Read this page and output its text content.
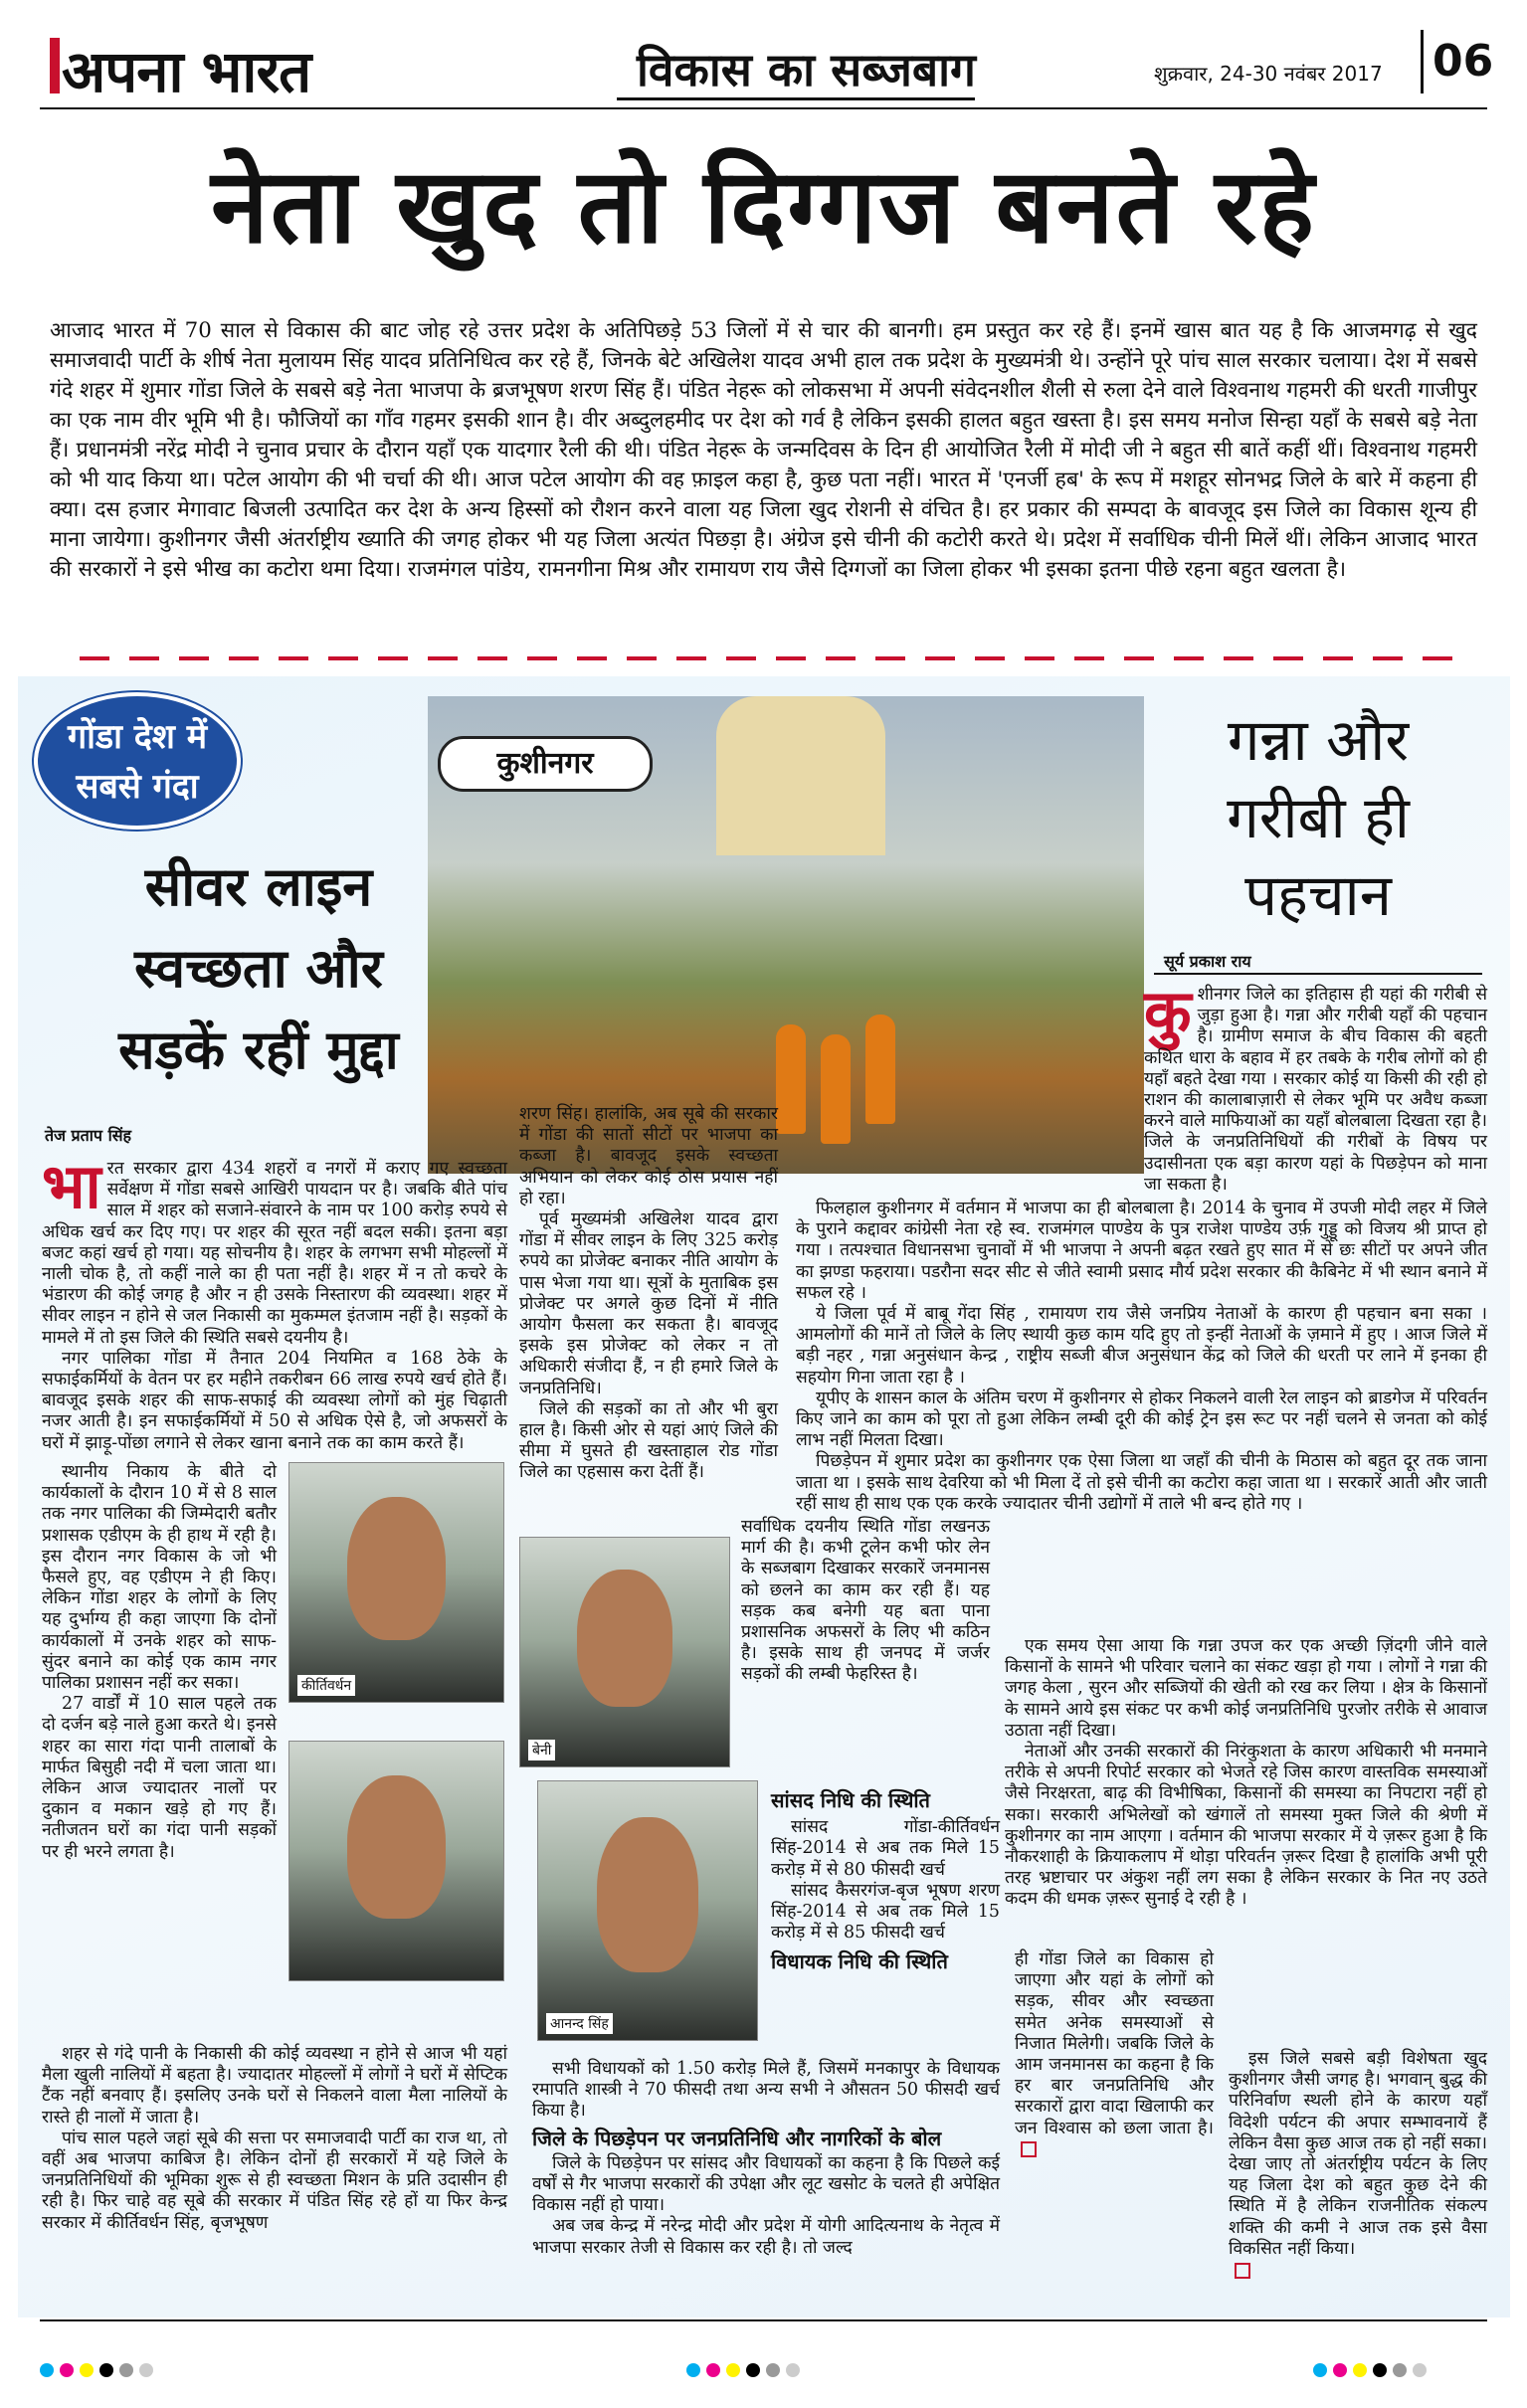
अपना भारत	विकास का सब्जबाग	शुक्रवार, 24-30 नवंबर 2017 06
नेता खुद तो दिग्गज बनते रहे
आजाद भारत में 70 साल से विकास की बाट जोह रहे उत्तर प्रदेश के अतिपिछड़े 53 जिलों में से चार की बानगी। हम प्रस्तुत कर रहे हैं। इनमें खास बात यह है कि आजमगढ़ से खुद समाजवादी पार्टी के शीर्ष नेता मुलायम सिंह यादव प्रतिनिधित्व कर रहे हैं, जिनके बेटे अखिलेश यादव अभी हाल तक प्रदेश के मुख्यमंत्री थे। उन्होंने पूरे पांच साल सरकार चलाया। देश में सबसे गंदे शहर में शुमार गोंडा जिले के सबसे बड़े नेता भाजपा के ब्रजभूषण शरण सिंह हैं। पंडित नेहरू को लोकसभा में अपनी संवेदनशील शैली से रुला देने वाले विश्वनाथ गहमरी की धरती गाजीपुर का एक नाम वीर भूमि भी है। फौजियों का गाँव गहमर इसकी शान है। वीर अब्दुलहमीद पर देश को गर्व है लेकिन इसकी हालत बहुत खस्ता है। इस समय मनोज सिन्हा यहाँ के सबसे बड़े नेता हैं। प्रधानमंत्री नरेंद्र मोदी ने चुनाव प्रचार के दौरान यहाँ एक यादगार रैली की थी। पंडित नेहरू के जन्मदिवस के दिन ही आयोजित रैली में मोदी जी ने बहुत सी बातें कहीं थीं। विश्वनाथ गहमरी को भी याद किया था। पटेल आयोग की भी चर्चा की थी। आज पटेल आयोग की वह फ़ाइल कहा है, कुछ पता नहीं। भारत में 'एनर्जी हब' के रूप में मशहूर सोनभद्र जिले के बारे में कहना ही क्या। दस हजार मेगावाट बिजली उत्पादित कर देश के अन्य हिस्सों को रौशन करने वाला यह जिला खुद रोशनी से वंचित है। हर प्रकार की सम्पदा के बावजूद इस जिले का विकास शून्य ही माना जायेगा। कुशीनगर जैसी अंतर्राष्ट्रीय ख्याति की जगह होकर भी यह जिला अत्यंत पिछड़ा है। अंग्रेज इसे चीनी की कटोरी करते थे। प्रदेश में सर्वाधिक चीनी मिलें थीं। लेकिन आजाद भारत की सरकारों ने इसे भीख का कटोरा थमा दिया। राजमंगल पांडेय, रामनगीना मिश्र और रामायण राय जैसे दिग्गजों का जिला होकर भी इसका इतना पीछे रहना बहुत खलता है।
गोंडा देश में
सबसे गंदा
सीवर लाइन
स्वच्छता और
सड़कें रहीं मुद्दा
तेज प्रताप सिंह
कुशीनगर	गन्ना और
गरीबी ही
पहचान
सूर्य प्रकाश राय
कु शीनगर जिले का इतिहास ही यहां की गरीबी से जुड़ा हुआ है। गन्ना और गरीबी यहाँ की पहचान है। ग्रामीण समाज के बीच विकास की बहती कथित धारा के बहाव में हर तबके के गरीब लोगों को ही यहाँ बहते देखा गया । सरकार कोई या किसी की रही हो राशन की कालाबाज़ारी से लेकर भूमि पर अवैध कब्जा करने वाले माफियाओं का यहाँ बोलबाला दिखता रहा है। जिले के जनप्रतिनिधियों की गरीबों के विषय पर उदासीनता एक बड़ा कारण यहां के पिछड़ेपन को माना जा सकता है।
भा रत सरकार द्वारा 434 शहरों व नगरों में कराए गए स्वच्छता सर्वेक्षण में गोंडा सबसे आखिरी पायदान पर है। जबकि बीते पांच साल में शहर को सजाने-संवारने के नाम पर 100 करोड़ रुपये से अधिक खर्च कर दिए गए। पर शहर की सूरत नहीं बदल सकी। इतना बड़ा बजट कहां खर्च हो गया। यह सोचनीय है। शहर के लगभग सभी मोहल्लों में नाली चोक है, तो कहीं नाले का ही पता नहीं है। शहर में न तो कचरे के भंडारण की कोई जगह है और न ही उसके निस्तारण की व्यवस्था। शहर में सीवर लाइन न होने से जल निकासी का मुकम्मल इंतजाम नहीं है। सड़कों के मामले में तो इस जिले की स्थिति सबसे दयनीय है।
नगर पालिका गोंडा में तैनात 204 नियमित व 168 ठेके के सफाईकर्मियों के वेतन पर हर महीने तकरीबन 66 लाख रुपये खर्च होते हैं। बावजूद इसके शहर की साफ-सफाई की व्यवस्था लोगों को मुंह चिढ़ाती नजर आती है। इन सफाईकर्मियों में 50 से अधिक ऐसे है, जो अफसरों के घरों में झाड़ू-पोंछा लगाने से लेकर खाना बनाने तक का काम करते हैं।
कीर्तिवर्धन
स्थानीय निकाय के बीते दो कार्यकालों के दौरान 10 में से 8 साल तक नगर पालिका की जिम्मेदारी बतौर प्रशासक एडीएम के ही हाथ में रही है। इस दौरान नगर विकास के जो भी फैसले हुए, वह एडीएम ने ही किए। लेकिन गोंडा शहर के लोगों के लिए यह दुर्भाग्य ही कहा जाएगा कि दोनों कार्यकालों में उनके शहर को साफ-सुंदर बनाने का कोई एक काम नगर पालिका प्रशासन नहीं कर सका।
27 वार्डों में 10 साल पहले तक दो दर्जन बड़े नाले हुआ करते थे। इनसे शहर का सारा गंदा पानी तालाबों के मार्फत बिसुही नदी में चला जाता था। लेकिन आज ज्यादातर नालों पर दुकान व मकान खड़े हो गए हैं। नतीजतन घरों का गंदा पानी सड़कों पर ही भरने लगता है।
शहर से गंदे पानी के निकासी की कोई व्यवस्था न होने से आज भी यहां मैला खुली नालियों में बहता है। ज्यादातर मोहल्लों में लोगों ने घरों में सेप्टिक टैंक नहीं बनवाए हैं। इसलिए उनके घरों से निकलने वाला मैला नालियों के रास्ते ही नालों में जाता है।
पांच साल पहले जहां सूबे की सत्ता पर समाजवादी पार्टी का राज था, तो वहीं अब भाजपा काबिज है। लेकिन दोनों ही सरकारों में यहे जिले के जनप्रतिनिधियों की भूमिका शुरू से ही स्वच्छता मिशन के प्रति उदासीन ही रही है। फिर चाहे वह सूबे की सरकार में पंडित सिंह रहे हों या फिर केन्द्र सरकार में कीर्तिवर्धन सिंह, बृजभूषण
शरण सिंह। हालांकि, अब सूबे की सरकार में गोंडा की सातों सीटों पर भाजपा का कब्जा है। बावजूद इसके स्वच्छता अभियान को लेकर कोई ठोस प्रयास नहीं हो रहा।
पूर्व मुख्यमंत्री अखिलेश यादव द्वारा गोंडा में सीवर लाइन के लिए 325 करोड़ रुपये का प्रोजेक्ट बनाकर नीति आयोग के पास भेजा गया था। सूत्रों के मुताबिक इस प्रोजेक्ट पर अगले कुछ दिनों में नीति आयोग फैसला कर सकता है। बावजूद इसके इस प्रोजेक्ट को लेकर न तो अधिकारी संजीदा हैं, न ही हमारे जिले के जनप्रतिनिधि।
जिले की सड़कों का तो और भी बुरा हाल है। किसी ओर से यहां आएं जिले की सीमा में घुसते ही खस्ताहाल रोड गोंडा जिले का एहसास करा देतीं हैं।
बेनी
सर्वाधिक दयनीय स्थिति गोंडा लखनऊ मार्ग की है। कभी टूलेन कभी फोर लेन के सब्जबाग दिखाकर सरकारें जनमानस को छलने का काम कर रही हैं। यह सड़क कब बनेगी यह बता पाना प्रशासनिक अफसरों के लिए भी कठिन है। इसके साथ ही जनपद में जर्जर सड़कों की लम्बी फेहरिस्त है।
आनन्द सिंह
सांसद निधि की स्थिति
सांसद गोंडा-कीर्तिवर्धन सिंह-2014 से अब तक मिले 15 करोड़ में से 80 फीसदी खर्च
सांसद कैसरगंज-बृज भूषण शरण सिंह-2014 से अब तक मिले 15 करोड़ में से 85 फीसदी खर्च
विधायक निधि की स्थिति
सभी विधायकों को 1.50 करोड़ मिले हैं, जिसमें मनकापुर के विधायक रमापति शास्त्री ने 70 फीसदी तथा अन्य सभी ने औसतन 50 फीसदी खर्च किया है।
जिले के पिछड़ेपन पर जनप्रतिनिधि और नागरिकों के बोल
जिले के पिछड़ेपन पर सांसद और विधायकों का कहना है कि पिछले कई वर्षों से गैर भाजपा सरकारों की उपेक्षा और लूट खसोट के चलते ही अपेक्षित विकास नहीं हो पाया।
अब जब केन्द्र में नरेन्द्र मोदी और प्रदेश में योगी आदित्यनाथ के नेतृत्व में भाजपा सरकार तेजी से विकास कर रही है। तो जल्द
फिलहाल कुशीनगर में वर्तमान में भाजपा का ही बोलबाला है। 2014 के चुनाव में उपजी मोदी लहर में जिले के पुराने कद्दावर कांग्रेसी नेता रहे स्व. राजमंगल पाण्डेय के पुत्र राजेश पाण्डेय उर्फ़ गुड्डू को विजय श्री प्राप्त हो गया । तत्पश्चात विधानसभा चुनावों में भी भाजपा ने अपनी बढ़त रखते हुए सात में से छः सीटों पर अपने जीत का झण्डा फहराया। पडरौना सदर सीट से जीते स्वामी प्रसाद मौर्य प्रदेश सरकार की कैबिनेट में भी स्थान बनाने में सफल रहे ।
ये जिला पूर्व में बाबू गेंदा सिंह , रामायण राय जैसे जनप्रिय नेताओं के कारण ही पहचान बना सका । आमलोगों की मानें तो जिले के लिए स्थायी कुछ काम यदि हुए तो इन्हीं नेताओं के ज़माने में हुए । आज जिले में बड़ी नहर , गन्ना अनुसंधान केन्द्र , राष्ट्रीय सब्जी बीज अनुसंधान केंद्र को जिले की धरती पर लाने में इनका ही सहयोग गिना जाता रहा है ।
यूपीए के शासन काल के अंतिम चरण में कुशीनगर से होकर निकलने वाली रेल लाइन को ब्राडगेज में परिवर्तन किए जाने का काम को पूरा तो हुआ लेकिन लम्बी दूरी की कोई ट्रेन इस रूट पर नहीं चलने से जनता को कोई लाभ नहीं मिलता दिखा।
पिछड़ेपन में शुमार प्रदेश का कुशीनगर एक ऐसा जिला था जहाँ की चीनी के मिठास को बहुत दूर तक जाना जाता था । इसके साथ देवरिया को भी मिला दें तो इसे चीनी का कटोरा कहा जाता था । सरकारें आती और जाती रहीं साथ ही साथ एक एक करके ज्यादातर चीनी उद्योगों में ताले भी बन्द होते गए ।
एक समय ऐसा आया कि गन्ना उपज कर एक अच्छी ज़िंदगी जीने वाले किसानों के सामने भी परिवार चलाने का संकट खड़ा हो गया । लोगों ने गन्ना की जगह केला , सुरन और सब्जियों की खेती को रख कर लिया । क्षेत्र के किसानों के सामने आये इस संकट पर कभी कोई जनप्रतिनिधि पुरजोर तरीके से आवाज उठाता नहीं दिखा।
नेताओं और उनकी सरकारों की निरंकुशता के कारण अधिकारी भी मनमाने तरीके से अपनी रिपोर्ट सरकार को भेजते रहे जिस कारण वास्तविक समस्याओं जैसे निरक्षरता, बाढ़ की विभीषिका, किसानों की समस्या का निपटारा नहीं हो सका। सरकारी अभिलेखों को खंगालें तो समस्या मुक्त जिले की श्रेणी में कुशीनगर का नाम आएगा । वर्तमान की भाजपा सरकार में ये ज़रूर हुआ है कि नौकरशाही के क्रियाकलाप में थोड़ा परिवर्तन ज़रूर दिखा है हालांकि अभी पूरी तरह भ्रष्टाचार पर अंकुश नहीं लग सका है लेकिन सरकार के नित नए उठते कदम की धमक ज़रूर सुनाई दे रही है ।
ही गोंडा जिले का विकास हो जाएगा और यहां के लोगों को सड़क, सीवर और स्वच्छता समेत अनेक समस्याओं से निजात मिलेगी। जबकि जिले के आम जनमानस का कहना है कि हर बार जनप्रतिनिधि और सरकारों द्वारा वादा खिलाफी कर जन विश्वास को छला जाता है।
इस जिले सबसे बड़ी विशेषता खुद कुशीनगर जैसी जगह है। भगवान् बुद्ध की परिनिर्वाण स्थली होने के कारण यहाँ विदेशी पर्यटन की अपार सम्भावनायें हैं लेकिन वैसा कुछ आज तक हो नहीं सका। देखा जाए तो अंतर्राष्ट्रीय पर्यटन के लिए यह जिला देश को बहुत कुछ देने की स्थिति में है लेकिन राजनीतिक संकल्प शक्ति की कमी ने आज तक इसे वैसा विकसित नहीं किया।
